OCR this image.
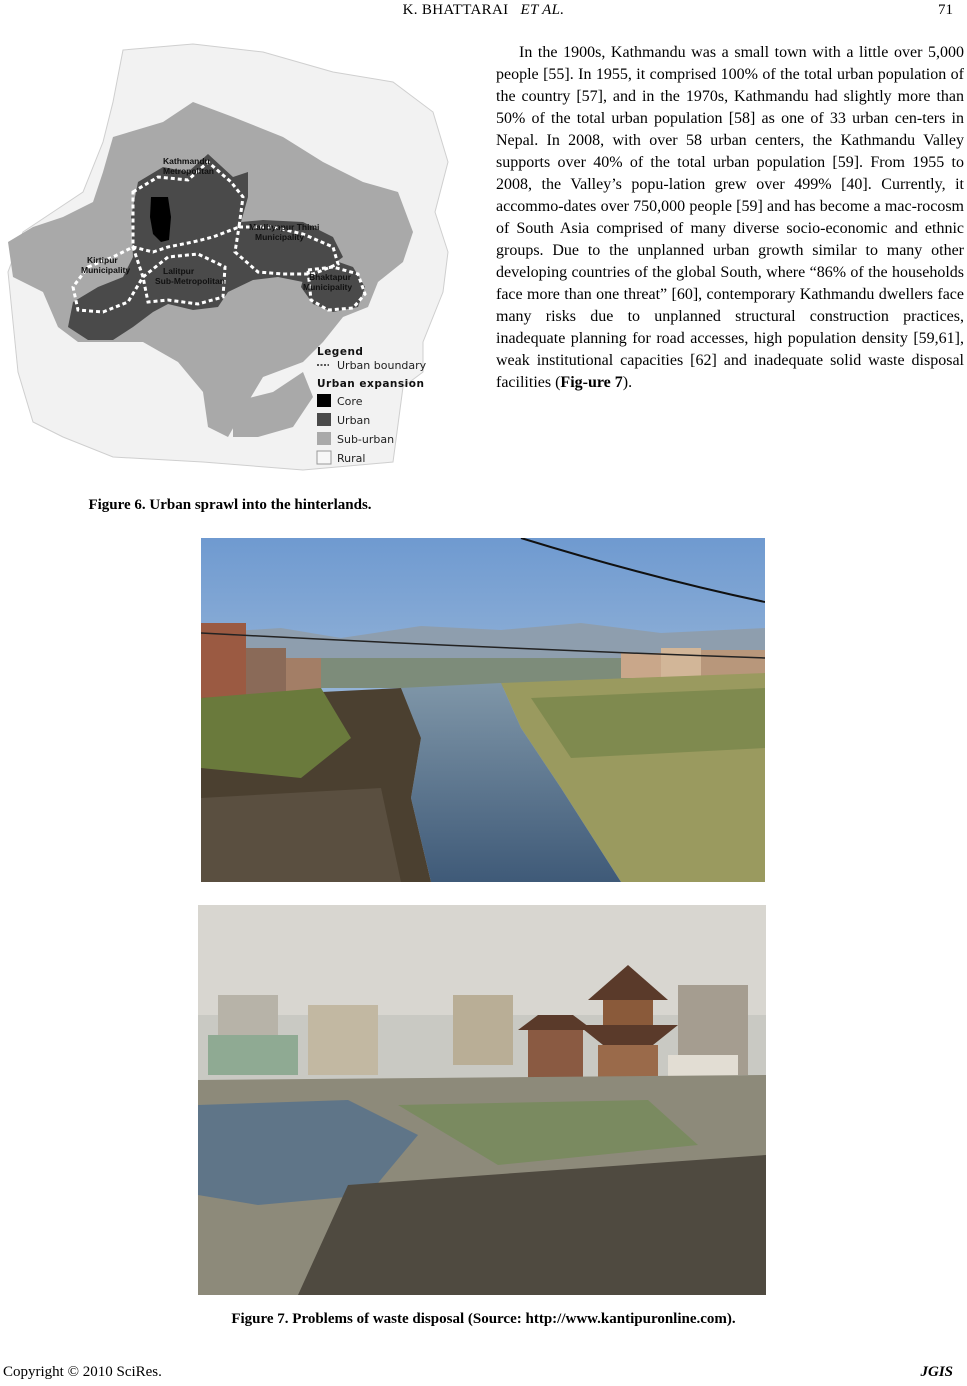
K. BHATTARAI ET AL.	71
Kathmandu
Metropolitan
Madhyapur Thimi
Municipality
Kirtipur
Municipality	Lalitpur
Sub-Metropolitan	Bhaktapur
Municipality
Legend
Urban boundary
Urban expansion
Core
Urban
Sub-urban
Rural
Figure 6. Urban sprawl into the hinterlands.

In the 1900s, Kathmandu was a small town with a little over 5,000 people [55]. In 1955, it comprised 100% of the total urban population of the country [57], and in the 1970s, Kathmandu had slightly more than 50% of the total urban population [58] as one of 33 urban cen-ters in Nepal. In 2008, with over 58 urban centers, the Kathmandu Valley supports over 40% of the total urban population [59]. From 1955 to 2008, the Valley’s popu-lation grew over 499% [40]. Currently, it accommo-dates over 750,000 people [59] and has become a mac-rocosm of South Asia comprised of many diverse socio-economic and ethnic groups. Due to the unplanned urban growth similar to many other developing countries of the global South, where “86% of the households face more than one threat” [60], contemporary Kathmandu dwellers face many risks due to unplanned structural construction practices, inadequate planning for road accesses, high population density [59,61], weak institutional capacities [62] and inadequate solid waste disposal facilities (Fig-ure 7).

Figure 7. Problems of waste disposal (Source: http://www.kantipuronline.com).
Copyright © 2010 SciRes.	JGIS
